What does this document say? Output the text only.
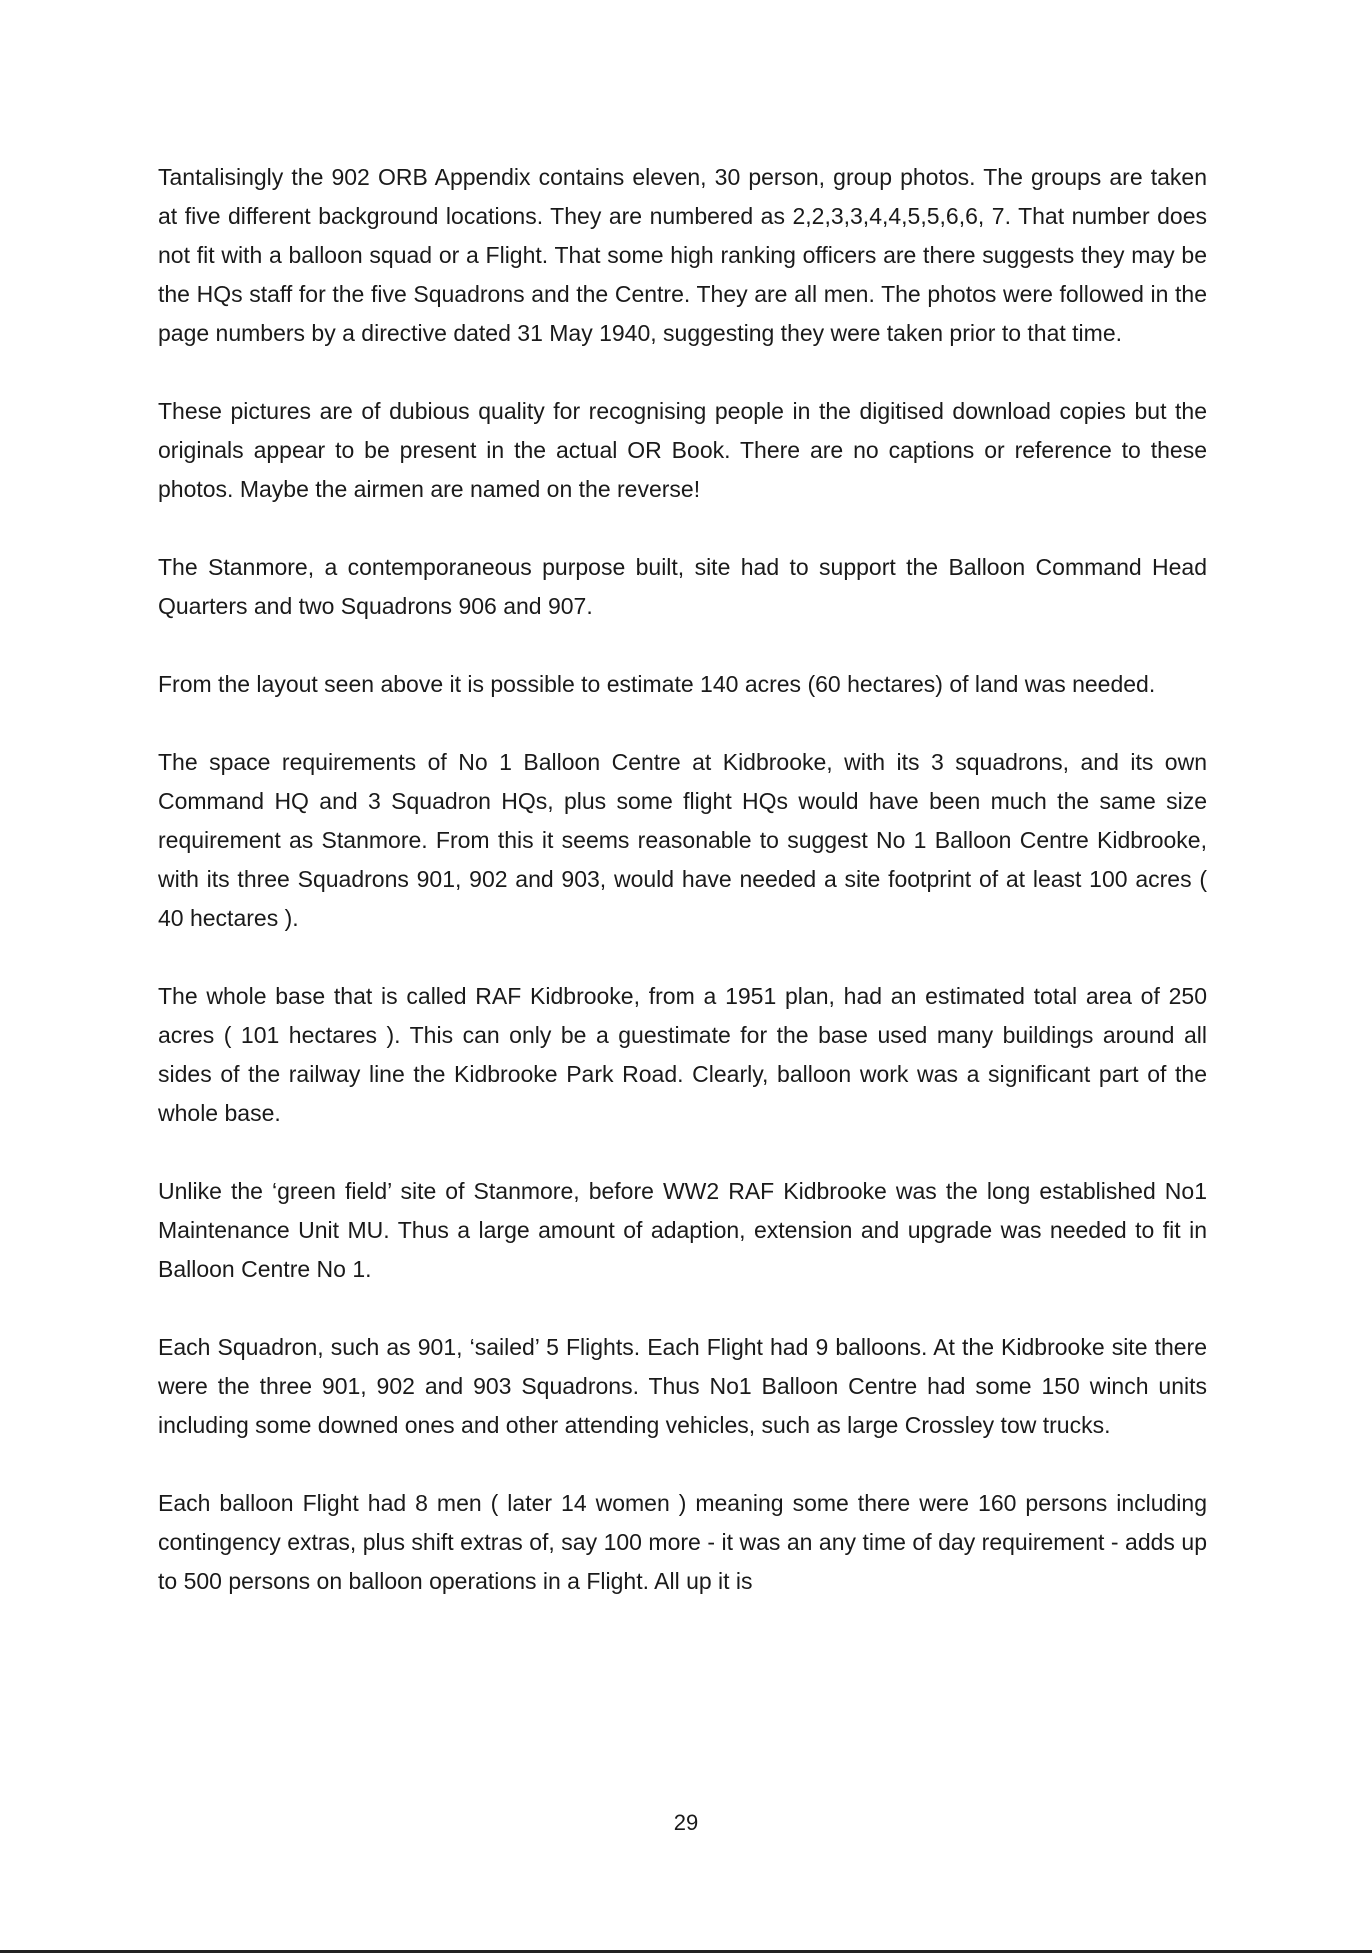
Tantalisingly the 902 ORB Appendix contains eleven, 30 person, group photos. The groups are taken at five different background locations. They are numbered as 2,2,3,3,4,4,5,5,6,6, 7. That number does not fit with a balloon squad or a Flight. That some high ranking officers are there suggests they may be the HQs staff for the five Squadrons and the Centre. They are all men. The photos were followed in the page numbers by a directive dated 31 May 1940, suggesting they were taken prior to that time.

These pictures are of dubious quality for recognising people in the digitised download copies but the originals appear to be present in the actual OR Book. There are no captions or reference to these photos. Maybe the airmen are named on the reverse!

The Stanmore, a contemporaneous purpose built, site had to support the Balloon Command Head Quarters and two Squadrons 906 and 907.

From the layout seen above it is possible to estimate 140 acres (60 hectares) of land was needed.

The space requirements of No 1 Balloon Centre at Kidbrooke, with its 3 squadrons, and its own Command HQ and 3 Squadron HQs, plus some flight HQs would have been much the same size requirement as Stanmore. From this it seems reasonable to suggest No 1 Balloon Centre Kidbrooke, with its three Squadrons 901, 902 and 903, would have needed a site footprint of at least 100 acres ( 40 hectares ).

The whole base that is called RAF Kidbrooke, from a 1951 plan, had an estimated total area of 250 acres ( 101 hectares ). This can only be a guestimate for the base used many buildings around all sides of the railway line the Kidbrooke Park Road. Clearly, balloon work was a significant part of the whole base.

Unlike the ‘green field’ site of Stanmore, before WW2 RAF Kidbrooke was the long established No1 Maintenance Unit MU. Thus a large amount of adaption, extension and upgrade was needed to fit in Balloon Centre No 1.

Each Squadron, such as 901, ‘sailed’ 5 Flights. Each Flight had 9 balloons. At the Kidbrooke site there were the three 901, 902 and 903 Squadrons. Thus No1 Balloon Centre had some 150 winch units including some downed ones and other attending vehicles, such as large Crossley tow trucks.

Each balloon Flight had 8 men ( later 14 women ) meaning some there were 160 persons including contingency extras, plus shift extras of, say 100 more - it was an any time of day requirement - adds up to 500 persons on balloon operations in a Flight. All up it is

29
